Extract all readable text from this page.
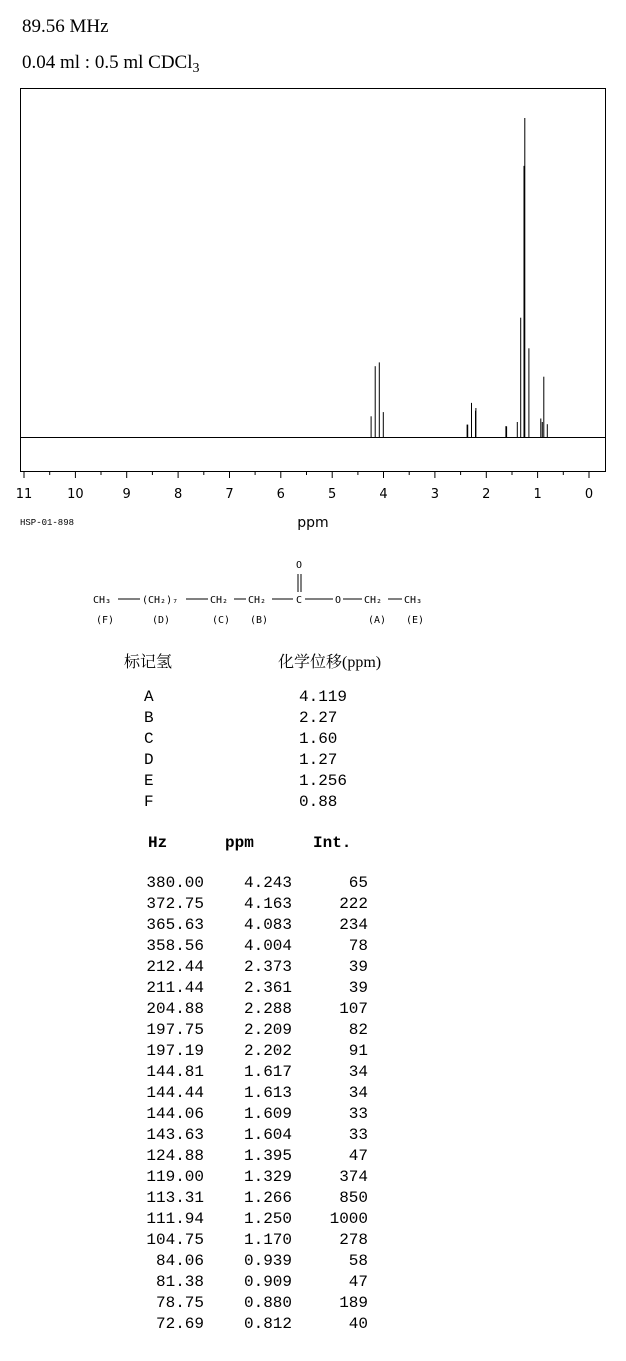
89.56 MHz
0.04 ml : 0.5 ml CDCl$_3$
11	10	9	8	7	6	5	4	3	2	1	0
ppm
HSP-01-898
CH₃	(CH₂)₇	CH₂ CH₂	C
O
O CH₂ CH₃
(F)	(D)	(C) (B)	(A) (E)
标记氢	化学位移(ppm)
A	4.119
B	2.27
C	1.60
D	1.27
E	1.256
F	0.88
Hz	ppm	Int.
380.00	4.243	65
372.75	4.163	222
365.63	4.083	234
358.56	4.004	78
212.44	2.373	39
211.44	2.361	39
204.88	2.288	107
197.75	2.209	82
197.19	2.202	91
144.81	1.617	34
144.44	1.613	34
144.06	1.609	33
143.63	1.604	33
124.88	1.395	47
119.00	1.329	374
113.31	1.266	850
111.94	1.250	1000
104.75	1.170	278
84.06	0.939	58
81.38	0.909	47
78.75	0.880	189
72.69	0.812	40
